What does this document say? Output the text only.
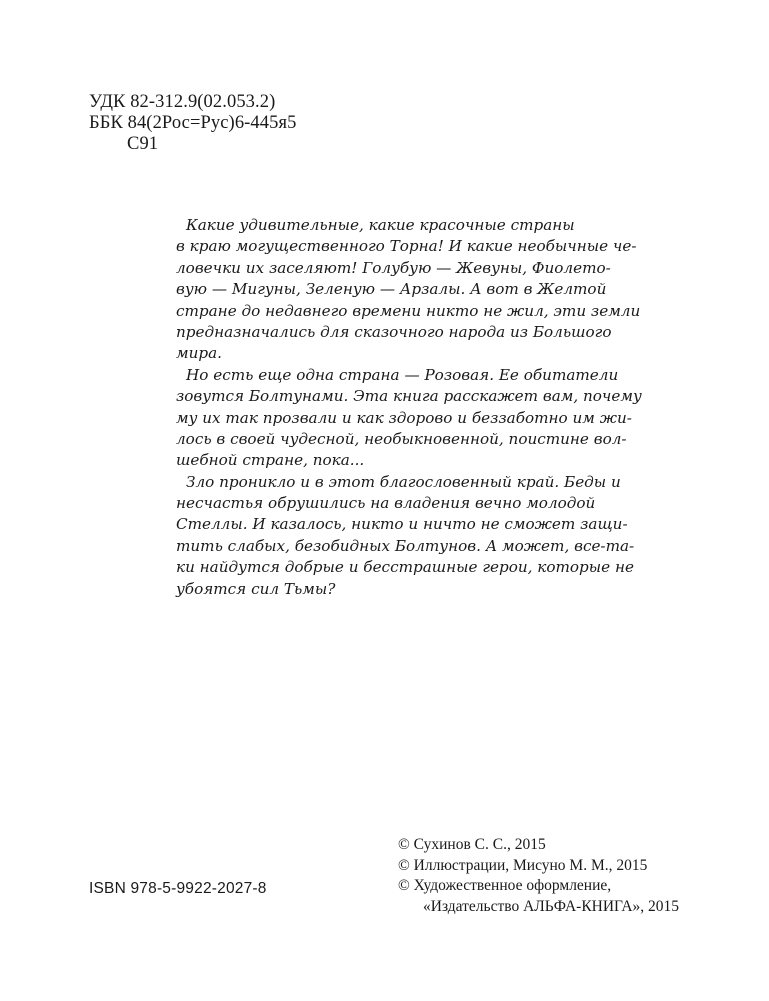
УДК 82-312.9(02.053.2)
ББК 84(2Рос=Рус)6-445я5
С91
Какие удивительные, какие красочные страны
в краю могущественного Торна! И какие необычные че-
ловечки их заселяют! Голубую — Жевуны, Фиолето-
вую — Мигуны, Зеленую — Арзалы. А вот в Желтой
стране до недавнего времени никто не жил, эти земли
предназначались для сказочного народа из Большого
мира.
Но есть еще одна страна — Розовая. Ее обитатели
зовутся Болтунами. Эта книга расскажет вам, почему
му их так прозвали и как здорово и беззаботно им жи-
лось в своей чудесной, необыкновенной, поистине вол-
шебной стране, пока...
Зло проникло и в этот благословенный край. Беды и
несчастья обрушились на владения вечно молодой
Стеллы. И казалось, никто и ничто не сможет защи-
тить слабых, безобидных Болтунов. А может, все-та-
ки найдутся добрые и бесстрашные герои, которые не
убоятся сил Тьмы?
© Сухинов С. С., 2015
© Иллюстрации, Мисуно М. М., 2015
© Художественное оформление,
«Издательство АЛЬФА-КНИГА», 2015
ISBN 978-5-9922-2027-8
